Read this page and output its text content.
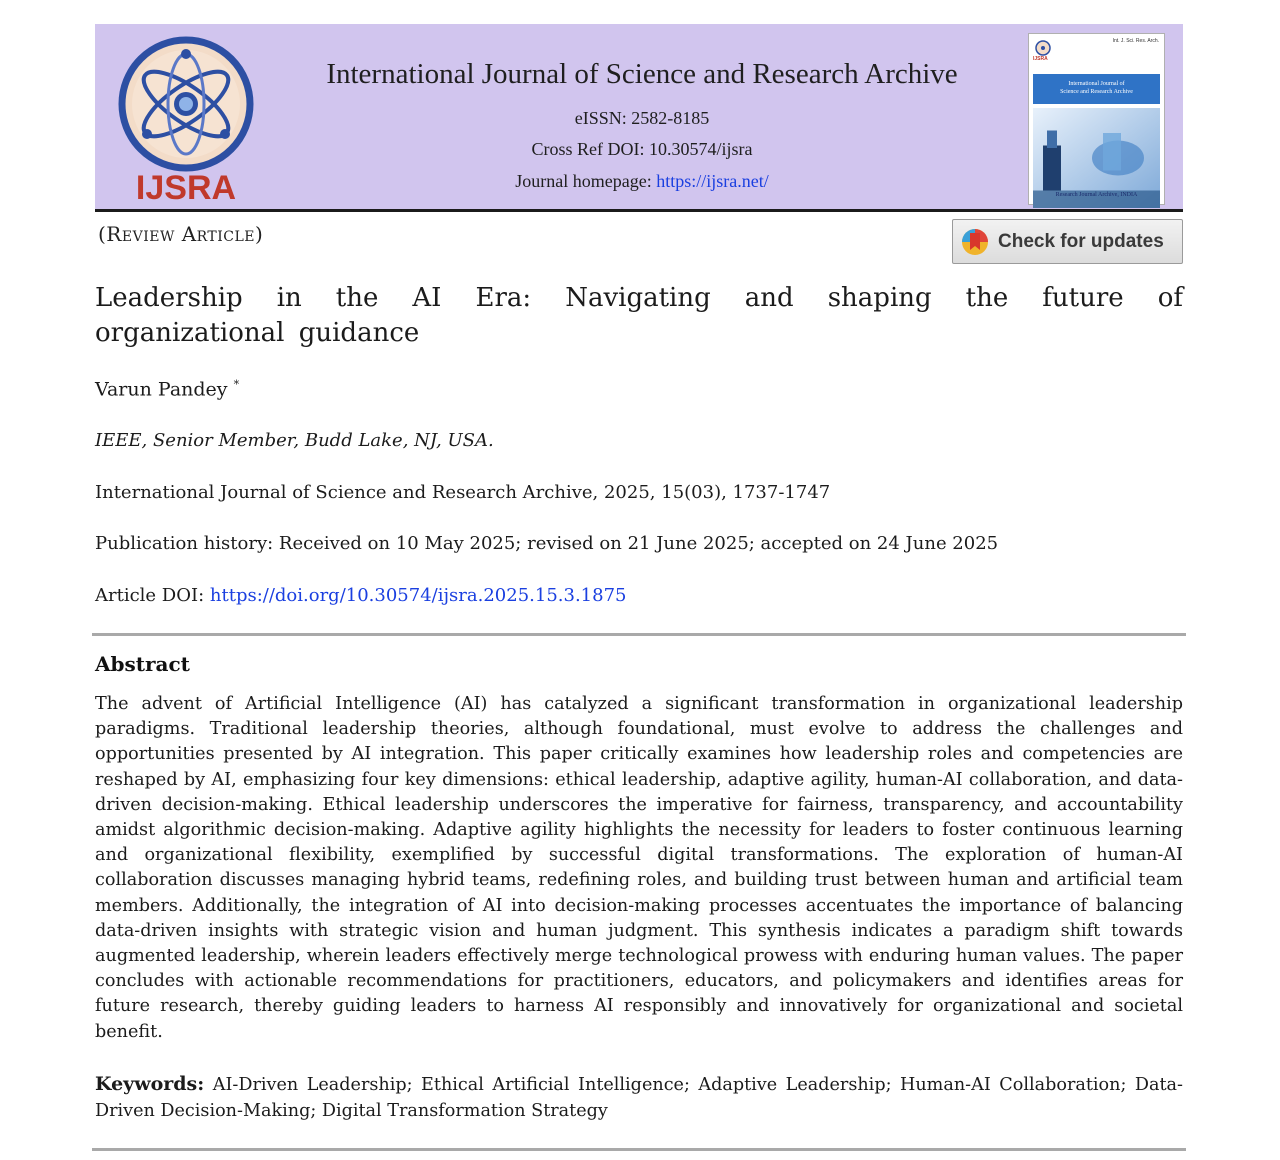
IJSRA
International Journal of Science and Research Archive
eISSN: 2582-8185
Cross Ref DOI: 10.30574/ijsra
Journal homepage: https://ijsra.net/
Int. J. Sci. Res. Arch.
IJSRA
International Journal of
Science and Research Archive
Research Journal Archive, INDIA
(Review Article)	Check for updates
Leadership in the AI Era: Navigating and shaping the future of organizational guidance
Varun Pandey *
IEEE, Senior Member, Budd Lake, NJ, USA.
International Journal of Science and Research Archive, 2025, 15(03), 1737-1747
Publication history: Received on 10 May 2025; revised on 21 June 2025; accepted on 24 June 2025
Article DOI: https://doi.org/10.30574/ijsra.2025.15.3.1875
Abstract
The advent of Artificial Intelligence (AI) has catalyzed a significant transformation in organizational leadership paradigms. Traditional leadership theories, although foundational, must evolve to address the challenges and opportunities presented by AI integration. This paper critically examines how leadership roles and competencies are reshaped by AI, emphasizing four key dimensions: ethical leadership, adaptive agility, human-AI collaboration, and data-driven decision-making. Ethical leadership underscores the imperative for fairness, transparency, and accountability amidst algorithmic decision-making. Adaptive agility highlights the necessity for leaders to foster continuous learning and organizational flexibility, exemplified by successful digital transformations. The exploration of human-AI collaboration discusses managing hybrid teams, redefining roles, and building trust between human and artificial team members. Additionally, the integration of AI into decision-making processes accentuates the importance of balancing data-driven insights with strategic vision and human judgment. This synthesis indicates a paradigm shift towards augmented leadership, wherein leaders effectively merge technological prowess with enduring human values. The paper concludes with actionable recommendations for practitioners, educators, and policymakers and identifies areas for future research, thereby guiding leaders to harness AI responsibly and innovatively for organizational and societal benefit.
Keywords: AI-Driven Leadership; Ethical Artificial Intelligence; Adaptive Leadership; Human-AI Collaboration; Data-Driven Decision-Making; Digital Transformation Strategy
